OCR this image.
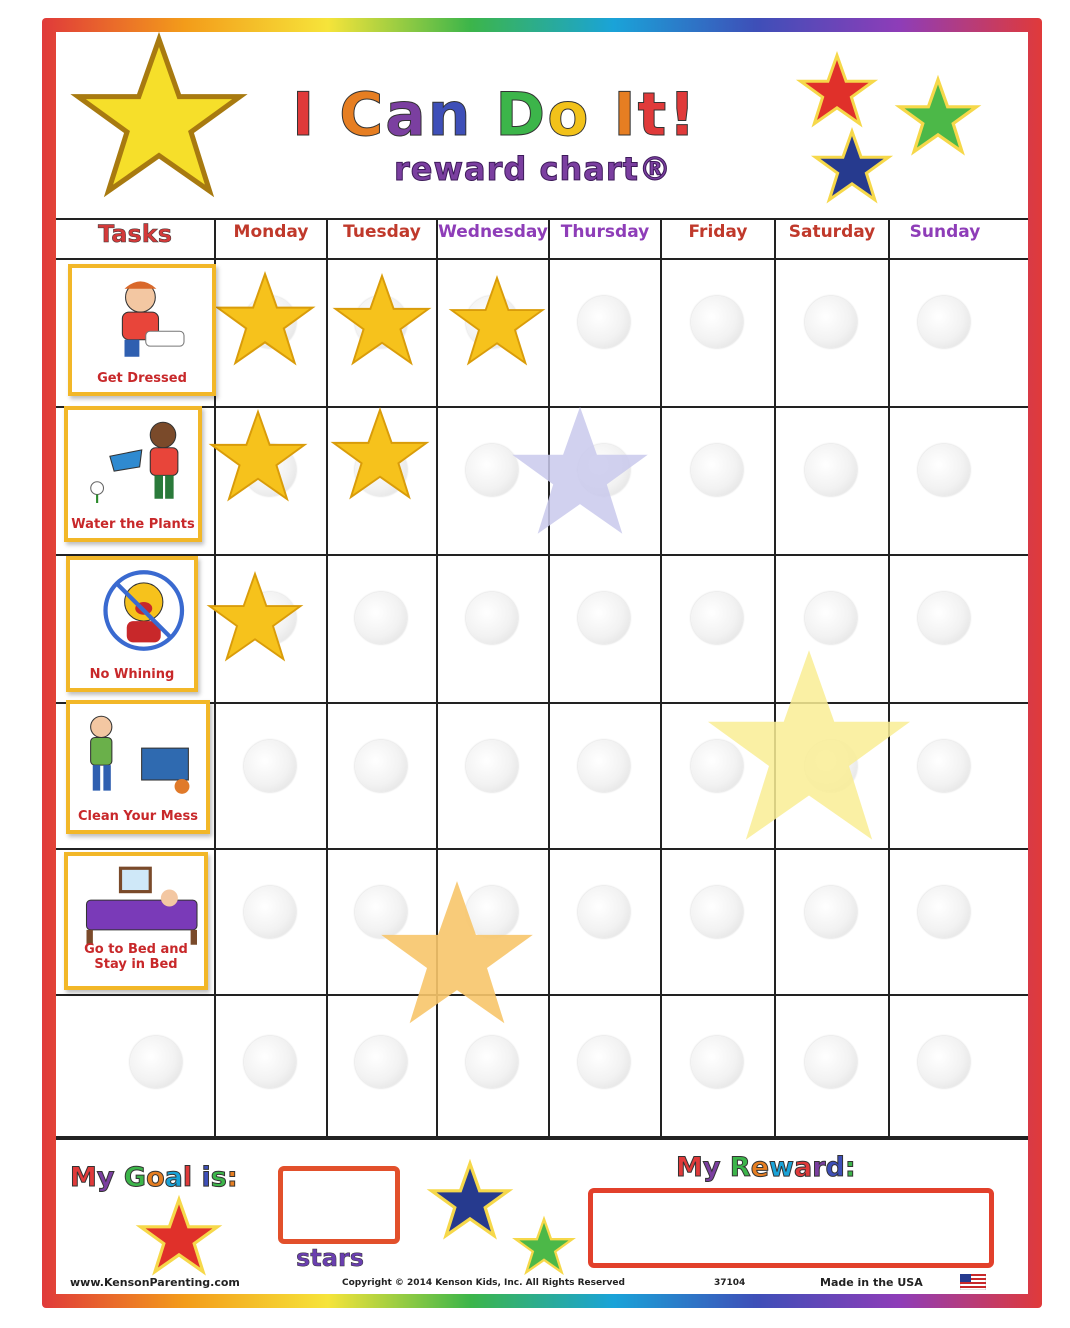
I Can Do It!
reward chart®
Tasks	Monday	Tuesday	Wednesday Thursday	Friday	Saturday	Sunday
Get Dressed
Water the Plants
No Whining
Clean Your Mess
Go to Bed and Stay in Bed
My Goal is:
stars
My Reward:
www.KensonParenting.com	Copyright © 2014 Kenson Kids, Inc. All Rights Reserved	37104	Made in the USA
